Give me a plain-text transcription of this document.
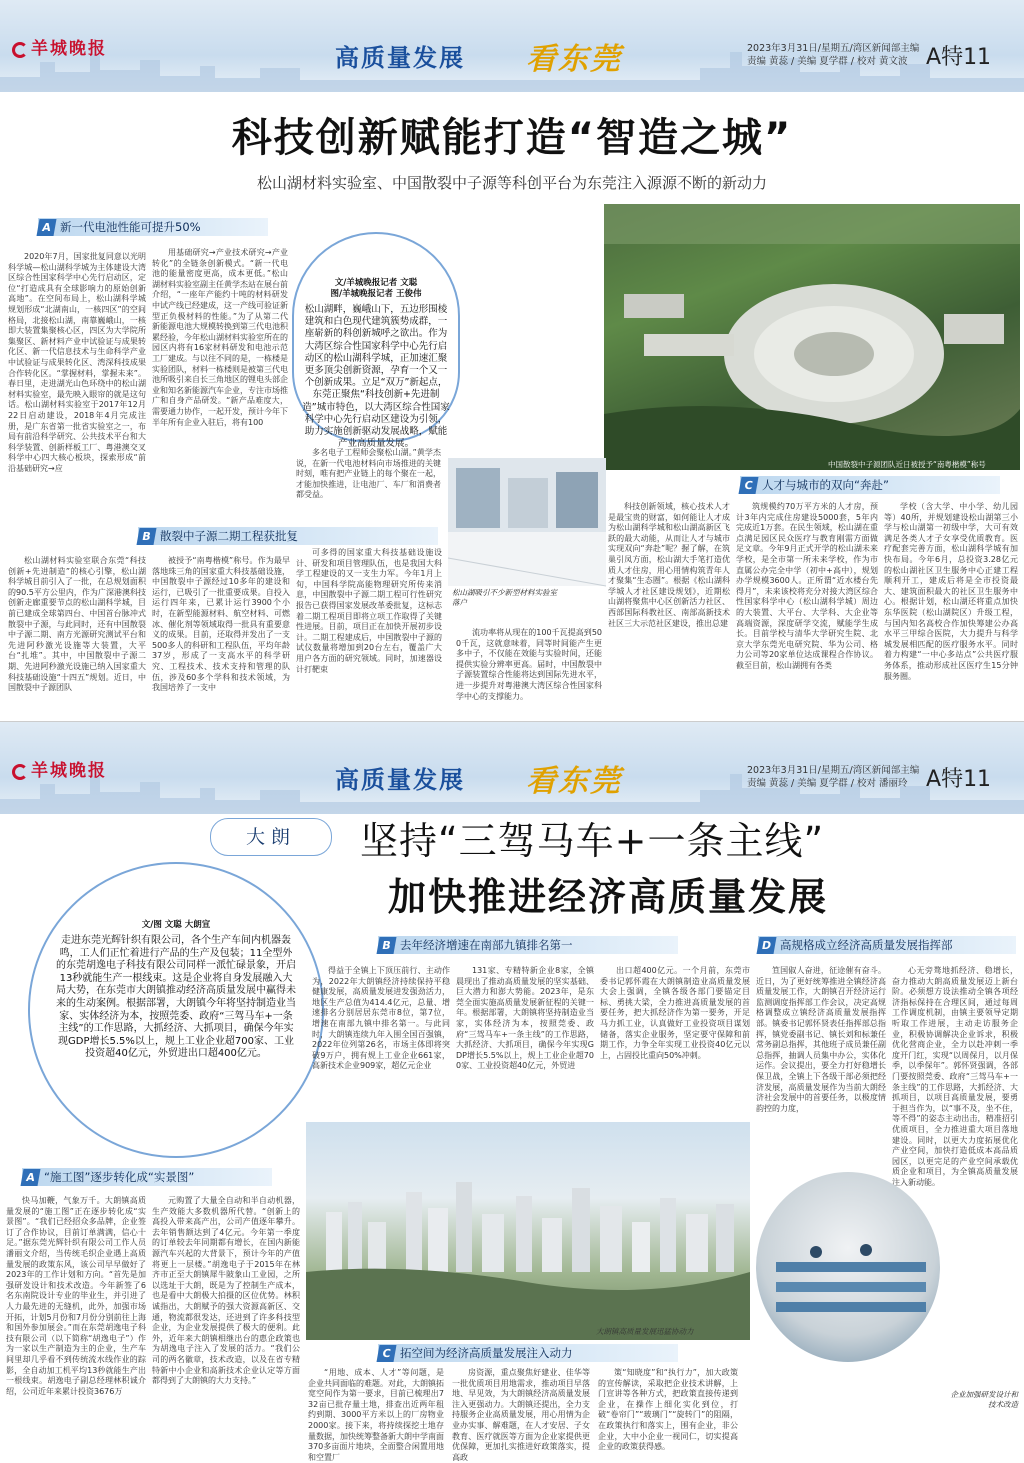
羊城晚报	高质量发展 看东莞	2023年3月31日/星期五/湾区新闻部主编
责编 黄蕊 / 美编 夏学群 / 校对 黄文波 A特11
科技创新赋能打造“智造之城”
松山湖材料实验室、中国散裂中子源等科创平台为东莞注入源源不断的新动力
A 新一代电池性能可提升50%
2020年7月，国家批复同意以光明科学城—松山湖科学城为主体建设大湾区综合性国家科学中心先行启动区，定位“打造成具有全球影响力的原始创新高地”。在空间布局上，松山湖科学城规划形成“北湖南山，一核四区”的空间格局，北接松山湖，南靠巍峨山，一核即大装置集聚核心区，四区为大学院所集聚区、新材料产业中试验证与成果转化区、新一代信息技术与生命科学产业中试验证与成果转化区、湾深科技成果合作转化区。“掌握材料，掌握未来”。春日里，走进湖光山色环绕中的松山湖材料实验室，最先映入眼帘的就是这句话。松山湖材料实验室于2017年12月22日启动建设，2018年4月完成注册，是广东省第一批省实验室之一，布局有前沿科学研究、公共技术平台和大科学装置、创新样板工厂、粤港澳交叉科学中心四大核心板块，探索形成“前沿基础研究→应
用基础研究→产业技术研究→产业转化”的全链条创新模式。“新一代电池的能量密度更高，成本更低。”松山湖材料实验室副主任黄学杰站在展台前介绍，“一座年产能约十吨的材料研发中试产线已经建成，这一产线可验证新型正负极材料的性能。”为了从第二代新能源电池大规模转换到第三代电池积累经验，今年松山湖材料实验室所在的园区内将有16家材料研发和电池示范工厂建成。与以往不同的是，一栋楼是实验团队，材料一栋楼则是被第三代电池所吸引来自长三角地区的锂电头部企业和知名新能源汽车企业，专注市场推广和自身产品研发。“新产品难度大，需要通力协作，一起开发，预计今年下半年所有企业入驻后，将有100
多名电子工程师会聚松山湖。”黄学杰说，在新一代电池材料向市场推进的关键时刻，唯有把产业链上的每个聚在一起，才能加快推进，让电池厂、车厂和消费者都受益。
文/羊城晚报记者 文聪
图/羊城晚报记者 王俊伟
松山湖畔，巍峨山下，五边形围棱建筑和白色现代建筑簇势成群，一座崭新的科创新城呼之欲出。作为大湾区综合性国家科学中心先行启动区的松山湖科学城，正加速汇聚更多顶尖创新资源，孕育一个又一个创新成果。立足“双万”新起点，东莞正聚焦“科技创新+先进制造”城市特色，以大湾区综合性国家科学中心先行启动区建设为引领，助力实施创新驱动发展战略，赋能产业高质量发展。
中国散裂中子源团队近日被授予“南粤楷模”称号
松山湖吸引不少新型材料实验室落户
B 散裂中子源二期工程获批复
松山湖材料实验室联合东莞“科技创新+先进制造”的核心引擎，松山湖科学城目前引入了一批，在总规划面积的90.5平方公里内，作为广深港澳科技创新走廊重要节点的松山湖科学城，目前已建成全球第四台、中国首台脉冲式散裂中子源，与此同时，还有中国散裂中子源二期、南方光源研究测试平台和先进阿秒激光设施等大装置，大平台“扎堆”。其中，中国散裂中子源二期、先进阿秒激光设施已纳入国家重大科技基础设施“十四五”规划。近日，中国散裂中子源团队
被授予“南粤楷模”称号。作为最早落地珠三角的国家重大科技基础设施，中国散裂中子源经过10多年的建设和运行，已吸引了一批重要成果。自投入运行四年来，已累计运行3900个小时，在新型能源材料、航空材料、可燃冰、催化剂等领域取得一批具有重要意义的成果。目前，还取得并发出了一支500多人的科研和工程队伍，平均年龄37岁，形成了一支高水平的科学研究、工程技术、技术支持和管理的队伍，涉及60多个学科和技术领域，为我国培养了一支中
可多得的国家重大科技基础设施设计、研发和项目管理队伍，也是我国大科学工程建设的又一支生力军。今年1月上旬，中国科学院高能物理研究所传来消息，中国散裂中子源二期工程可行性研究报告已获得国家发展改革委批复，这标志着二期工程项目即将立项工作取得了关键性进展。目前，项目正在加快开展初步设计。二期工程建成后，中国散裂中子源的试仪数量将增加到20台左右，覆盖广大用户各方面的研究领域。同时，加速器设计打靶束
流功率将从现在的100千瓦提高到500千瓦，这就意味着，同等时间能产生更多中子，不仅能在效能与实验时间，还能提供实验分辨率更高。届时，中国散裂中子源装置综合性能将达到国际先进水平，进一步提升对粤港澳大湾区综合性国家科学中心的支撑能力。
C 人才与城市的双向“奔赴”
科技创新领域，核心技术人才是最宝贵的财富，如何能让人才成为松山湖科学城和松山湖高新区飞跃的最大动能，从而让人才与城市实现双向“奔赴”呢？握了解，在筑巢引凤方面，松山湖大手笔打造优质人才住房，用心用情构筑青年人才聚集“生态圈”。根据《松山湖科学城人才社区建设规划》，近期松山湖将聚焦中心区创新活力社区、西部国际科教社区、南部高新技术社区三大示范社区建设，推出总建
筑规模约70万平方米的人才房，预计3年内完成住房建设5000套，5年内完成近1万套。在民生领域，松山湖在重点满足园区民众医疗与教育刚需方面做足文章。今年9月正式开学的松山湖未来学校，是全市第一所未来学校，作为市直属公办完全中学（初中+高中），规划办学规模3600人。正所谓“近水楼台先得月”，未来该校将充分对接大湾区综合性国家科学中心（松山湖科学城）周边的大装置、大平台、大学科、大企业等高端资源，深度研学交流，赋能学生成长。目前学校与清华大学研究生院、北京大学东莞光电研究院、华为公司、格力公司等20家单位达成课程合作协议。截至目前，松山湖拥有各类
学校（含大学、中小学、幼儿园等）40所，并规划建设松山湖第三小学与松山湖第一初级中学，大可有效满足各类人才子女享受优质教育。医疗配套完善方面，松山湖科学城有加快布局。今年6月，总投资3.28亿元的松山湖社区卫生服务中心正建工程顺利开工，建成后将是全市投资最大、建筑面积最大的社区卫生服务中心。根据计划，松山湖还将重点加快东华医院（松山湖院区）升级工程，与国内知名高校合作加快筹建公办高水平三甲综合医院，大力提升与科学城发展相匹配的医疗服务水平。同时着力构建“一中心多站点”公共医疗服务体系，推动形成社区医疗生15分钟服务圈。
羊城晚报	高质量发展 看东莞	2023年3月31日/星期五/湾区新闻部主编
责编 黄蕊 / 美编 夏学群 / 校对 潘丽玲 A特11
大朗	坚持“三驾马车+一条主线”
加快推进经济高质量发展
文/图 文聪 大朗宣
走进东莞光辉针织有限公司，各个生产车间内机器轰鸣，工人们正忙着进行产品的生产及包装；11全型外的东莞胡逸电子科技有限公司同样一派忙碌景象，开启13秒就能生产一根线束。这是企业将自身发展融入大局大势，在东莞市大朗镇推动经济高质量发展中赢得未来的生动案例。根据部署，大朗镇今年将坚持制造业当家、实体经济为本，按照莞委、政府“三驾马车+一条主线”的工作思路，大抓经济、大抓项目，确保今年实现GDP增长5.5%以上，规上工业企业超700家、工业投资超40亿元，外贸进出口超400亿元。
B 去年经济增速在南部九镇排名第一
得益于全镇上下顶压前行、主动作为，2022年大朗镇经济持续保持平稳健康发展，高质量发展进发强劲活力，地区生产总值为414.4亿元，总量、增速排名分别居居东莞市8位，第7位，增速在南部九镇中排名第一。与此同时，大朗镇连续九年入围全国百强镇，2022年位列第26名，市场主体即将突破9万户，拥有规上工业企业661家，高新技术企业909家，超亿元企业
131家、专精特新企业8家，全镇晨现出了推动高质量发展的坚实基础、巨大潜力和澎大势能。2023年，是东莞全面实施高质量发展新征程的关键一年。根据部署，大朗镇将坚持制造业当家，实体经济为本，按照莞委、政府“三驾马车+一条主线”的工作思路，大抓经济、大抓项目，确保今年实现GDP增长5.5%以上，规上工业企业超700家、工业投资超40亿元，外贸进
出口超400亿元。一个月前，东莞市委书记郭怀霞在大朗镇制造业高质量发展大会上强调，全镇各级各部门要锚定目标、勇挑大梁，全力推进高质量发展的首要任务，把大抓经济作为第一要务，开足马力抓工业，认真做好工业投资项目谋划储备，落实企业服务，坚定要守保障和前期工作，力争全年实现工业投资40亿元以上，占固投比重向50%冲刺。
D 高规格成立经济高质量发展指挥部
笪国俶人奋进，征途催有奋斗。近日，为了更好统筹推进全镇经济高质量发展工作，大朗镇召开经济运行监测调度指挥部工作会议，决定高规格调整成立镇经济高质量发展指挥部。镇委书记郭怀贤表任指挥部总指挥，镇党委副书记、镇长刘和标兼任常务副总指挥，其他班子成员兼任副总指挥，抽调人员集中办公，实体化运作。会议提出，要全力打好稳增长保卫战，全镇上下各级干部必须把经济发展，高质量发展作为当前大朗经济社会发展中的首要任务，以极度情韵控的力度，
心无旁骛地抓经济、稳增长，奋力推动大朗高质量发展迈上新台阶。必须想方设法推动全镇各项经济指标保持在合理区间，通过每周工作调度机制，由镇主要领导定期听取工作进展，主动走访服务企业，积极协调解决企业诉求，积极优化营商企业，全力以赴冲刺一季度开门红，实现“以周保月，以月保季，以季保年”。郭怀贤强调，各部门要按照莞委、政府“三驾马车+一条主线”的工作思路，大抓经济、大抓项目，以项目高质量发展，要勇于担当作为，以“事不及，坐不住，等不得”的姿态主动出击，精准招引优质项目，全力推进重大项目落地建设。同时，以更大力度拓展优化产业空间，加快打造低成本高品质园区，以更完足的产业空间承载优质企业和项目，为全镇高质量发展注入新动能。
A “施工图”逐步转化成“实景图”
快马加鞭，气象万千。大朗镇高质量发展的“施工图”正在逐步转化成“实景图”。“我们已经招众多品牌，企业签订了合作协议，目前订单满满，信心十足。”据东莞光辉针织有限公司工作人员潘丽文介绍，当传统毛织企业遇上高质量发展的政策东风，该公司早早做好了2023年的工作计划和方向。“首先是加强研发设计和技术改造。今年新签了6名东南院设计专业的毕业生，并引进了人力最先进的无缝机，此外，加强市场开拓，计划5月份和7月份分别前往上海和国外参加展会。”而在东莞胡逸电子科技有限公司（以下简称“胡逸电子”）作为一家以生产制造为主的企业，生产车间里却几乎看不到传统流水线作业的踪影，全自动加工机平均13秒就能生产出一根线束。胡逸电子副总经理林积诚介绍，公司近年来累计投资3676万
元购置了大量全自动和半自动机器，生产效能大多数机器所代替。“创新上的高投入带来高产出，公司产值逐年攀升。去年销售额达到了4亿元。今年第一季度的订单较去年同期都有增长，在国内新能源汽车兴起的大背景下，预计今年的产值将更上一层楼。”胡逸电子于2015年在林齐市正至大朗镇犀牛陂象山工业园，之所以选址于大朗，既是为了控制生产成本，也是看中大朗极大拍摄的区位优势。林积诚指出，大朗赋予的强大资源高新区、交通，物流都很发达，还进到了许多科技型企业，为企业发展提供了极大的便利。此外，近年来大朗镇相继出台的惠企政策也为胡逸电子注入了发展的活力。“我们公司的两名徽章，技术改造，以及在省专精特新中小企业和高新技术企业认定等方面都得到了大朗镇的大力支持。”
大朗镇高质量发展迅猛协动力
企业加强研发设计和技术改造
C 拓空间为经济高质量发展注入动力
“用地、成本、人才”等问题，是企业共同面临的难题。对此，大朗镇拓宽空间作为第一要求，目前已梳理出732亩已批存量土地，排查出近两年租约到期、3000平方米以上的厂房物业2000家。接下来，将持续探挖土地存量数据，加快统筹整备新大朗中学南面370多亩面片地块，全面整合闲置用地和空置厂
房资源，重点聚焦好建业、佳华等一批优质项目用地需求，推动项目早落地、早见效，为大朗镇经济高质量发展注入更强动力。大朗镇还提出，全力支持服务企业高质量发展，用心用情为企业办实事、解难题，在人才安居、子女教育、医疗就医等方面为企业家提供更优保障，更加扎实推进好政策落实，提高政
策“知晓度”和“执行力”，加大政策的宣传解读，采取把企业技术讲解，上门宣讲等各种方式，把政策直接传递到企业，在操作上细化实化到位，打破“卷帘门”“玻璃门”“旋转门”的阻隔，在政策执行和落实上，围有企业，非公企业，大中小企业一视同仁，切实提高企业的政策获得感。
